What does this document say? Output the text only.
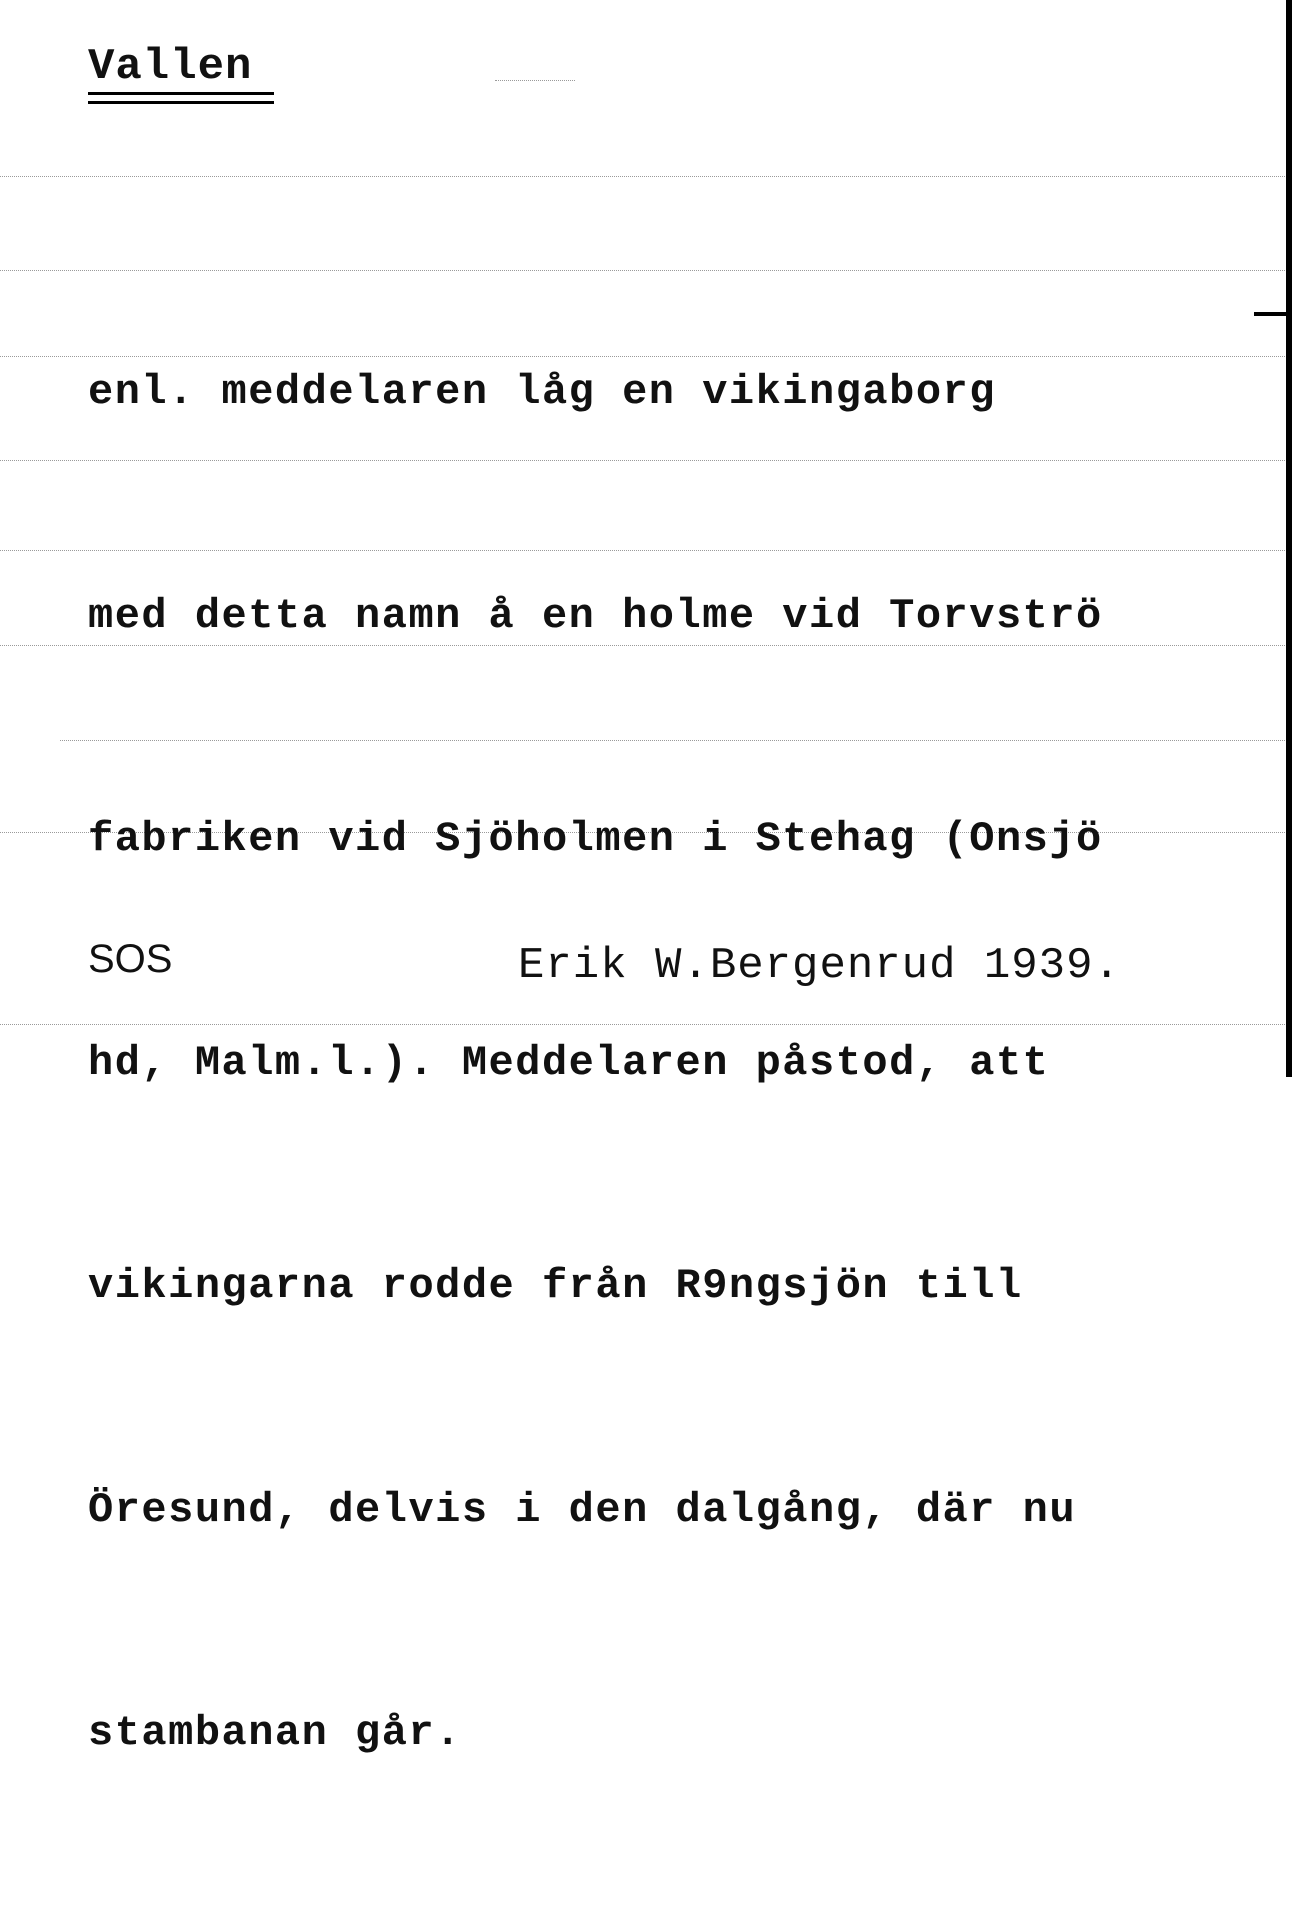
Vallen

enl. meddelaren låg en vikingaborg

med detta namn å en holme vid Torvströ

fabriken vid Sjöholmen i Stehag (Onsjö

hd, Malm.l.). Meddelaren påstod, att

vikingarna rodde från R9ngsjön till

Öresund, delvis i den dalgång, där nu

stambanan går.

SOS	Erik W.Bergenrud 1939.
